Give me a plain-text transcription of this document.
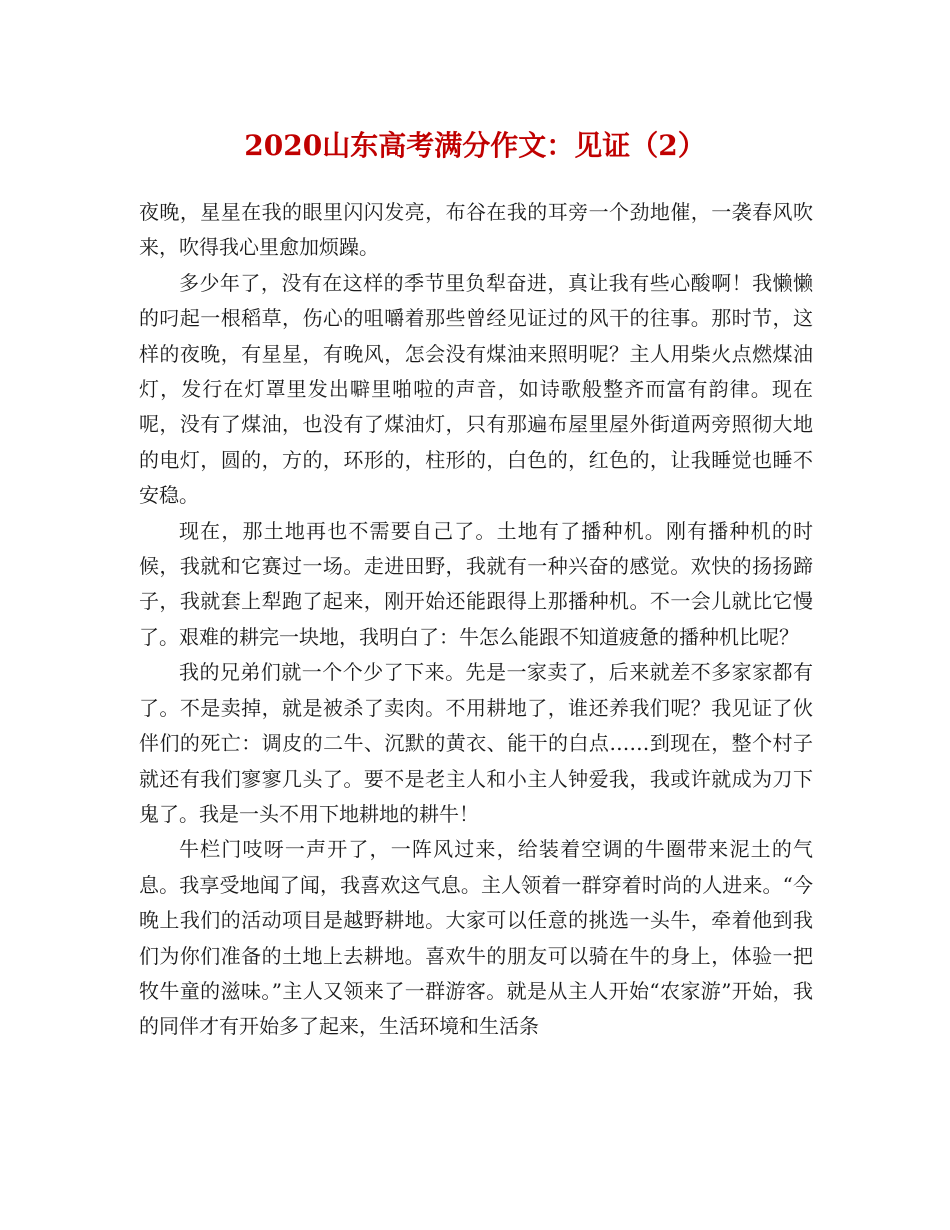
2020山东高考满分作文：见证（2）

夜晚，星星在我的眼里闪闪发亮，布谷在我的耳旁一个劲地催，一袭春风吹来，吹得我心里愈加烦躁。

多少年了，没有在这样的季节里负犁奋进，真让我有些心酸啊！我懒懒的叼起一根稻草，伤心的咀嚼着那些曾经见证过的风干的往事。那时节，这样的夜晚，有星星，有晚风，怎会没有煤油来照明呢？主人用柴火点燃煤油灯，发行在灯罩里发出噼里啪啦的声音，如诗歌般整齐而富有韵律。现在呢，没有了煤油，也没有了煤油灯，只有那遍布屋里屋外街道两旁照彻大地的电灯，圆的，方的，环形的，柱形的，白色的，红色的，让我睡觉也睡不安稳。

现在，那土地再也不需要自己了。土地有了播种机。刚有播种机的时候，我就和它赛过一场。走进田野，我就有一种兴奋的感觉。欢快的扬扬蹄子，我就套上犁跑了起来，刚开始还能跟得上那播种机。不一会儿就比它慢了。艰难的耕完一块地，我明白了：牛怎么能跟不知道疲惫的播种机比呢？

我的兄弟们就一个个少了下来。先是一家卖了，后来就差不多家家都有了。不是卖掉，就是被杀了卖肉。不用耕地了，谁还养我们呢？我见证了伙伴们的死亡：调皮的二牛、沉默的黄衣、能干的白点……到现在，整个村子就还有我们寥寥几头了。要不是老主人和小主人钟爱我，我或许就成为刀下鬼了。我是一头不用下地耕地的耕牛！

牛栏门吱呀一声开了，一阵风过来，给装着空调的牛圈带来泥土的气息。我享受地闻了闻，我喜欢这气息。主人领着一群穿着时尚的人进来。“今晚上我们的活动项目是越野耕地。大家可以任意的挑选一头牛，牵着他到我们为你们准备的土地上去耕地。喜欢牛的朋友可以骑在牛的身上，体验一把牧牛童的滋味。”主人又领来了一群游客。就是从主人开始“农家游”开始，我的同伴才有开始多了起来，生活环境和生活条
